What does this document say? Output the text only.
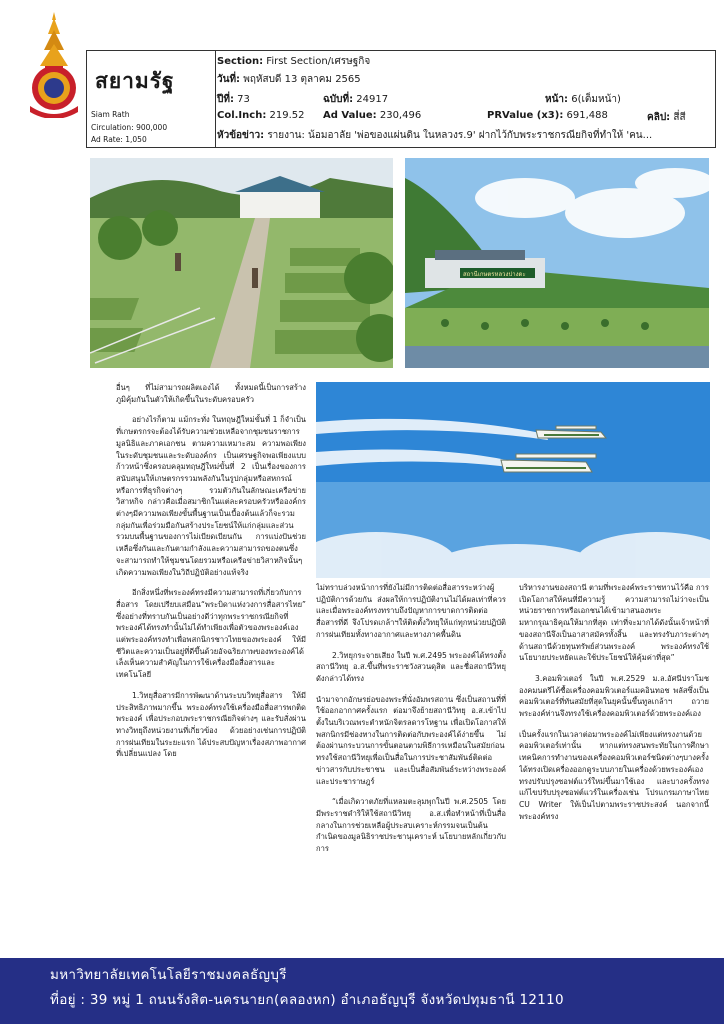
สยามรัฐ
Siam Rath
Circulation: 900,000
Ad Rate: 1,050
Section: First Section/เศรษฐกิจ
วันที่: พฤหัสบดี 13 ตุลาคม 2565
ปีที่: 73	ฉบับที่: 24917	หน้า: 6(เต็มหน้า)
Col.Inch: 219.52 Ad Value: 230,496	PRValue (x3): 691,488	คลิป: สี่สี
หัวข้อข่าว: รายงาน: น้อมอาลัย 'พ่อของแผ่นดิน ในหลวงร.9' ฝากไว้กับพระราชกรณียกิจที่ทำให้ 'คน...
สถานีเกษตรหลวงปางดะ

อื่นๆ ที่ไม่สามารถผลิตเองได้ ทั้งหมดนี้เป็นการสร้างภูมิคุ้มกันในตัวให้เกิดขึ้นในระดับครอบครัว

อย่างไรก็ตาม แม้กระทั่ง ในทฤษฎีใหม่ขั้นที่ 1 ก็จำเป็นที่เกษตรกรจะต้องได้รับความช่วยเหลือจากชุมชนราชการ มูลนิธิและภาคเอกชน ตามความเหมาะสม ความพอเพียงในระดับชุมชนและระดับองค์กร เป็นเศรษฐกิจพอเพียงแบบก้าวหน้าซึ่งครอบคลุมทฤษฎีใหม่ขั้นที่ 2 เป็นเรื่องของการสนับสนุนให้เกษตรกรรวมพลังกันในรูปกลุ่มหรือสหกรณ์ หรือการที่ธุรกิจต่างๆ รวมตัวกันในลักษณะเครือข่ายวิสาหกิจ กล่าวคือเมื่อสมาชิกในแต่ละครอบครัวหรือองค์กรต่างๆมีความพอเพียงขั้นพื้นฐานเป็นเบื้องต้นแล้วก็จะรวมกลุ่มกันเพื่อร่วมมือกันสร้างประโยชน์ให้แก่กลุ่มและส่วนรวมบนพื้นฐานของการไม่เบียดเบียนกัน การแบ่งปันช่วยเหลือซึ่งกันและกันตามกำลังและความสามารถของตนซึ่งจะสามารถทำให้ชุมชนโดยรวมหรือเครือข่ายวิสาหกิจนั้นๆเกิดความพอเพียงในวิถีปฏิบัติอย่างแท้จริง

อีกสิ่งหนึ่งที่พระองค์ทรงมีความสามารถที่เกี่ยวกับการสื่อสาร โดยเปรียบเสมือน“พระบิดาแห่งวงการสื่อสารไทย” ซึ่งอย่างที่ทราบกันเป็นอย่างดีว่าทุกพระราชกรณียกิจที่พระองค์ได้ทรงทำนั้นไม่ได้ทำเพียงเพื่อตัวของพระองค์เองแต่พระองค์ทรงทำเพื่อพสกนิกรชาวไทยของพระองค์ ให้มีชีวิตและความเป็นอยู่ที่ดีขึ้นด้วยอัจฉริยภาพของพระองค์ได้เล็งเห็นความสำคัญในการใช้เครื่องมือสื่อสารและเทคโนโลยี

1.วิทยุสื่อสารมีการพัฒนาด้านระบบวิทยุสื่อสาร ให้มีประสิทธิภาพมากขึ้น พระองค์ทรงใช้เครื่องมือสื่อสารพกติดพระองค์ เพื่อประกอบพระราชกรณียกิจต่างๆ และรับสั่งผ่านทางวิทยุถึงหน่วยงานที่เกี่ยวข้อง ด้วยอย่างเช่นการปฏิบัติการฝนเทียมในระยะแรก ได้ประสบปัญหาเรื่องสภาพอากาศที่เปลี่ยนแปลง โดย

ไม่ทราบล่วงหน้าการที่ยังไม่มีการติดต่อสื่อสารระหว่างผู้ปฏิบัติการด้วยกัน ส่งผลให้การปฏิบัติงานไม่ได้ผลเท่าที่ควร และเมื่อพระองค์ทรงทราบถึงปัญหาการขาดการติดต่อสื่อสารที่ดี จึงโปรดเกล้าฯให้ติดตั้งวิทยุให้แก่ทุกหน่วยปฏิบัติการฝนเทียมทั้งทางอากาศและทางภาคพื้นดิน

2.วิทยุกระจายเสียง ในปี พ.ศ.2495 พระองค์ได้ทรงตั้งสถานีวิทยุ อ.ส.ขึ้นที่พระราชวังสวนดุสิต และชื่อสถานีวิทยุดังกล่าวได้ทรง

นำมาจากอักษรย่อของพระที่นั่งอัมพรสถาน ซึ่งเป็นสถานที่ที่ใช้ออกอากาศครั้งแรก ต่อมาจึงย้ายสถานีวิทยุ อ.ส.เข้าไปตั้งในบริเวณพระตำหนักจิตรลดารโหฐาน เพื่อเปิดโอกาสให้พสกนิกรมีช่องทางในการติดต่อกับพระองค์ได้ง่ายขึ้น ไม่ต้องผ่านกระบวนการขั้นตอนตามพิธีการเหมือนในสมัยก่อน ทรงใช้สถานีวิทยุเพื่อเป็นสื่อในการประชาสัมพันธ์ติดต่อข่าวสารกับประชาชน และเป็นสื่อสัมพันธ์ระหว่างพระองค์และประชาราษฎร์

“เมื่อเกิดวาตภัยที่แหลมตะลุมพุกในปี พ.ศ.2505 โดยมีพระราชดำริให้ใช้สถานีวิทยุ อ.ส.เพื่อทำหน้าที่เป็นสื่อกลางในการช่วยเหลือผู้ประสบเคราะห์กรรมจนเป็นต้นกำเนิดของมูลนิธิราชประชานุเคราะห์ นโยบายหลักเกี่ยวกับการ

บริหารงานของสถานี ตามที่พระองค์พระราชทานไว้คือ การเปิดโอกาสให้คนที่มีความรู้ ความสามารถไม่ว่าจะเป็นหน่วยราชการหรือเอกชนได้เข้ามาสนองพระมหากรุณาธิคุณให้มากที่สุด เท่าที่จะมากได้ดังนั้นเจ้าหน้าที่ของสถานีจึงเป็นอาสาสมัครทั้งสิ้น และทรงรับภาระต่างๆ ด้านสถานีด้วยทุนทรัพย์ส่วนพระองค์ พระองค์ทรงใช้นโยบายประหยัดและใช้ประโยชน์ให้คุ้มค่าที่สุด”

3.คอมพิวเตอร์ ในปี พ.ศ.2529 ม.ล.อัศนีปราโมช องคมนตรีได้ซื้อเครื่องคอมพิวเตอร์แมคอินทอช พลัสซึ่งเป็นคอมพิวเตอร์ที่ทันสมัยที่สุดในยุคนั้นขึ้นทูลเกล้าฯ ถวายพระองค์ท่านจึงทรงใช้เครื่องคอมพิวเตอร์ด้วยพระองค์เอง

เป็นครั้งแรกในเวลาต่อมาพระองค์ไม่เพียงแต่ทรงงานด้วยคอมพิวเตอร์เท่านั้น หากแต่ทรงสนพระทัยในการศึกษาเทคนิคการทำงานของเครื่องคอมพิวเตอร์ชนิดต่างๆบางครั้งได้ทรงเปิดเครื่องออกดูระบบภายในเครื่องด้วยพระองค์เองทรงปรับปรุงซอฟต์แวร์ใหม่ขึ้นมาใช้เอง และบางครั้งทรงแก้ไขปรับปรุงซอฟต์แวร์ในเครื่องเช่น โปรแกรมภาษาไทย CU Writer ให้เป็นไปตามพระราชประสงค์ นอกจากนี้พระองค์ทรง

มหาวิทยาลัยเทคโนโลยีราชมงคลธัญบุรี
ที่อยู่ : 39 หมู่ 1 ถนนรังสิต-นครนายก(คลองหก) อำเภอธัญบุรี จังหวัดปทุมธานี 12110
